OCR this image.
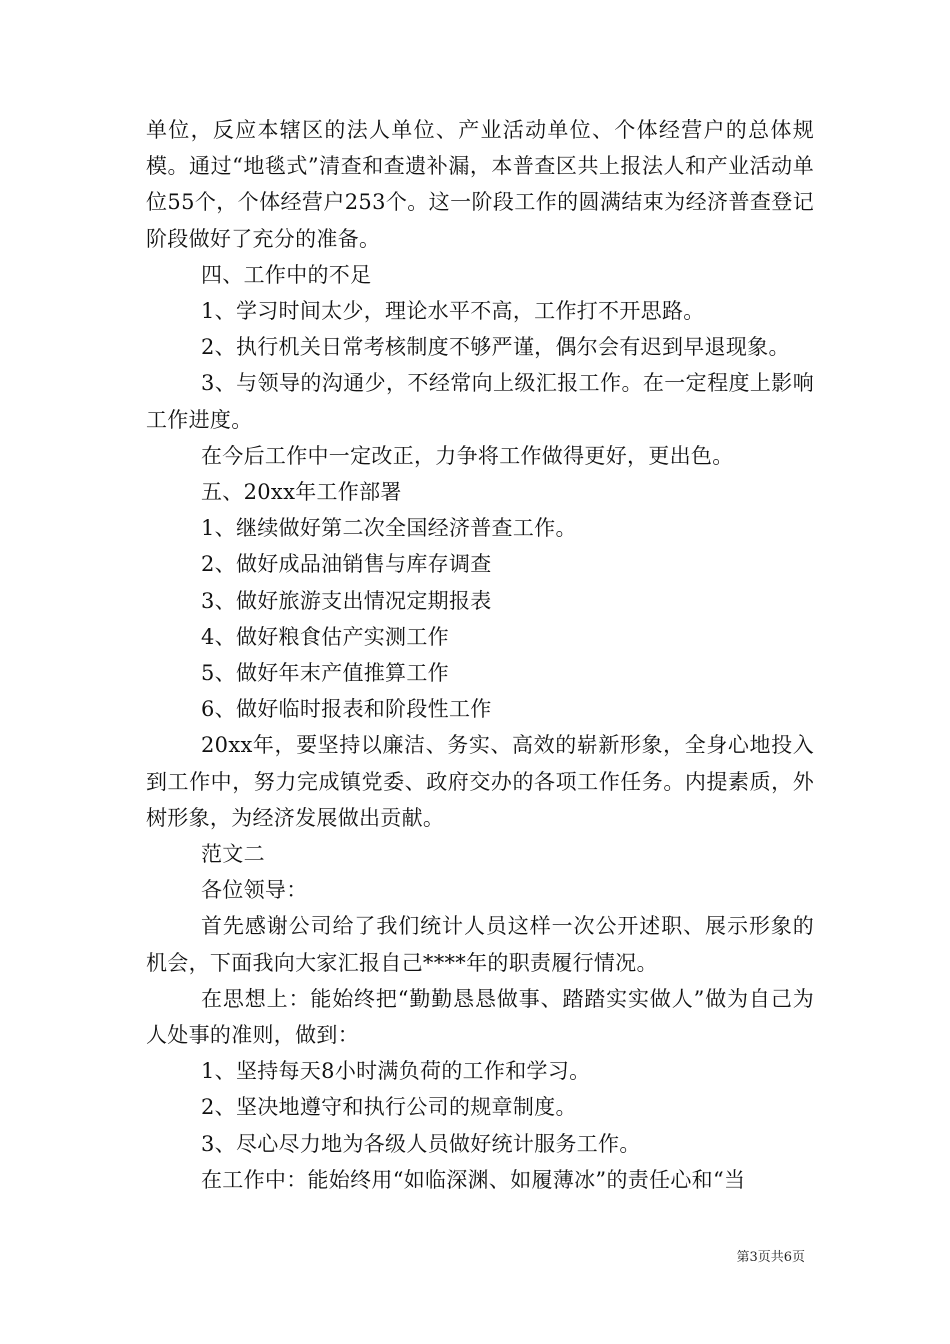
单位，反应本辖区的法人单位、产业活动单位、个体经营户的总体规模。通过“地毯式”清查和查遗补漏，本普查区共上报法人和产业活动单位55个，个体经营户253个。这一阶段工作的圆满结束为经济普查登记阶段做好了充分的准备。

四、工作中的不足

1、学习时间太少，理论水平不高，工作打不开思路。

2、执行机关日常考核制度不够严谨，偶尔会有迟到早退现象。

3、与领导的沟通少，不经常向上级汇报工作。在一定程度上影响工作进度。

在今后工作中一定改正，力争将工作做得更好，更出色。

五、20xx年工作部署

1、继续做好第二次全国经济普查工作。

2、做好成品油销售与库存调查

3、做好旅游支出情况定期报表

4、做好粮食估产实测工作

5、做好年末产值推算工作

6、做好临时报表和阶段性工作

20xx年，要坚持以廉洁、务实、高效的崭新形象，全身心地投入到工作中，努力完成镇党委、政府交办的各项工作任务。内提素质，外树形象，为经济发展做出贡献。

范文二

各位领导：

首先感谢公司给了我们统计人员这样一次公开述职、展示形象的机会，下面我向大家汇报自己****年的职责履行情况。

在思想上：能始终把“勤勤恳恳做事、踏踏实实做人”做为自己为人处事的准则，做到：

1、坚持每天8小时满负荷的工作和学习。

2、坚决地遵守和执行公司的规章制度。

3、尽心尽力地为各级人员做好统计服务工作。

在工作中：能始终用“如临深渊、如履薄冰”的责任心和“当

第3页共6页
